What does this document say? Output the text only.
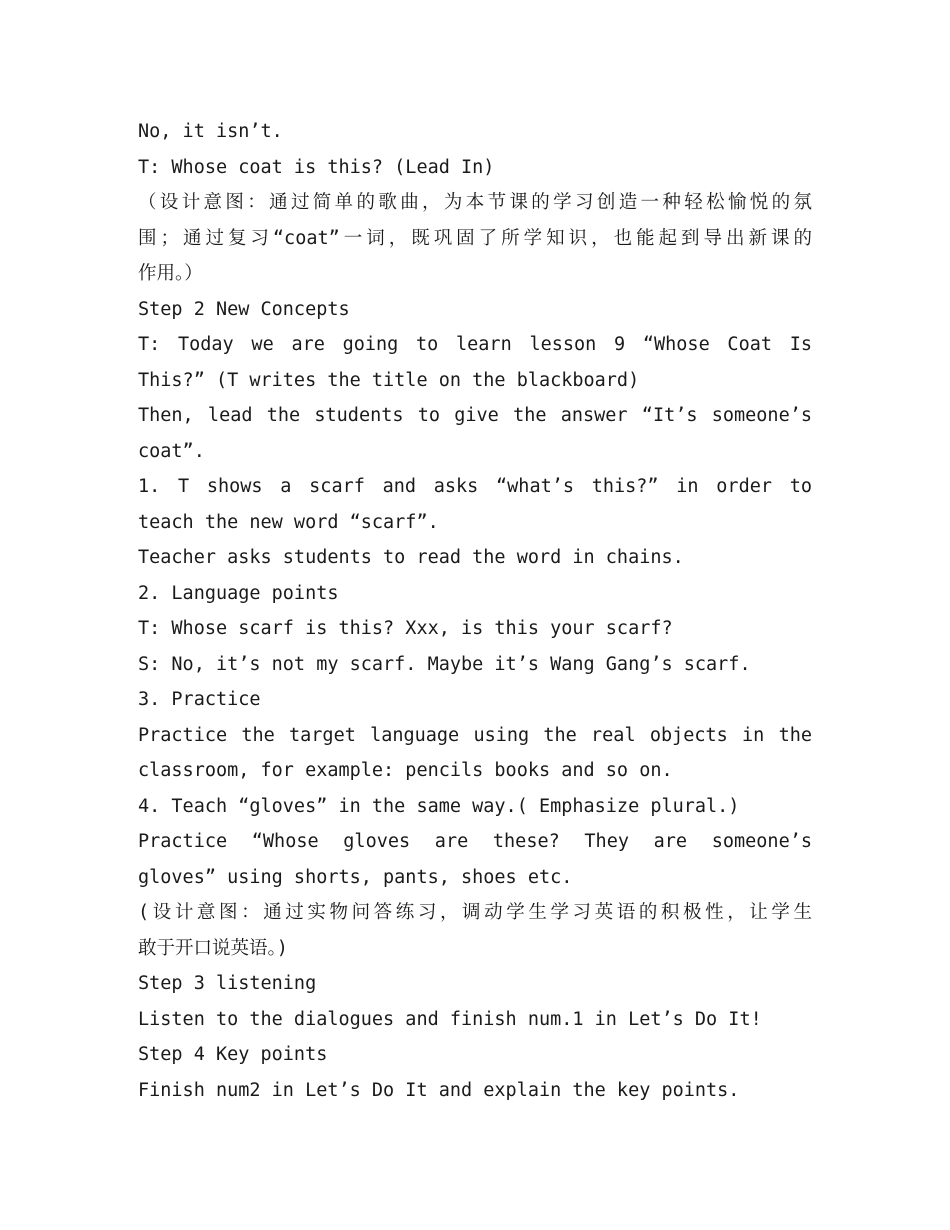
No, it isn’t.
T: Whose coat is this? (Lead In)
（设计意图：通过简单的歌曲，为本节课的学习创造一种轻松愉悦的氛
围；通过复习“coat”一词，既巩固了所学知识，也能起到导出新课的
作用。）
Step 2 New Concepts
T: Today we are going to learn lesson 9 “Whose Coat Is
This?” (T writes the title on the blackboard)
Then, lead the students to give the answer “It’s someone’s
coat”.
1. T shows a scarf and asks “what’s this?” in order to
teach the new word “scarf”.
Teacher asks students to read the word in chains.
2. Language points
T: Whose scarf is this? Xxx, is this your scarf?
S: No, it’s not my scarf. Maybe it’s Wang Gang’s scarf.
3. Practice
Practice the target language using the real objects in the
classroom, for example: pencils books and so on.
4. Teach “gloves” in the same way.( Emphasize plural.)
Practice “Whose gloves are these? They are someone’s
gloves” using shorts, pants, shoes etc.
(设计意图：通过实物问答练习，调动学生学习英语的积极性，让学生
敢于开口说英语。)
Step 3 listening
Listen to the dialogues and finish num.1 in Let’s Do It!
Step 4 Key points
Finish num2 in Let’s Do It and explain the key points.
